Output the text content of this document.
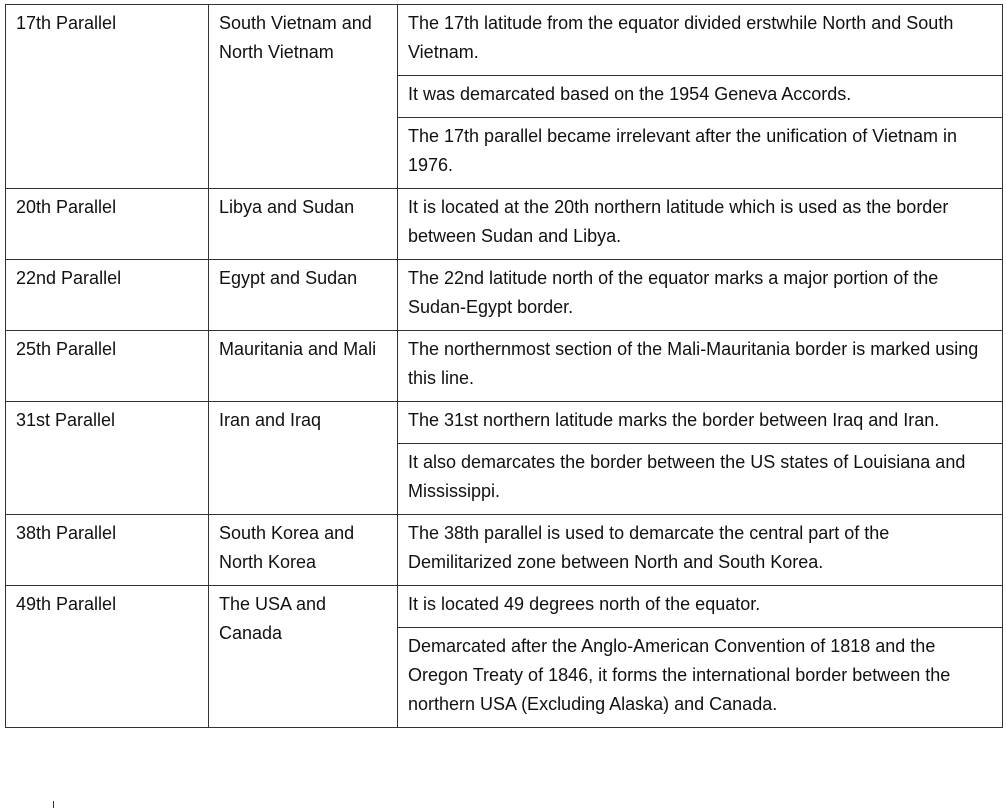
17th Parallel	South Vietnam and North Vietnam	The 17th latitude from the equator divided erstwhile North and South Vietnam.
		It was demarcated based on the 1954 Geneva Accords.
		The 17th parallel became irrelevant after the unification of Vietnam in 1976.
20th Parallel	Libya and Sudan	It is located at the 20th northern latitude which is used as the border between Sudan and Libya.
22nd Parallel	Egypt and Sudan	The 22nd latitude north of the equator marks a major portion of the Sudan-Egypt border.
25th Parallel	Mauritania and Mali	The northernmost section of the Mali-Mauritania border is marked using this line.
31st Parallel	Iran and Iraq	The 31st northern latitude marks the border between Iraq and Iran.
		It also demarcates the border between the US states of Louisiana and Mississippi.
38th Parallel	South Korea and North Korea	The 38th parallel is used to demarcate the central part of the Demilitarized zone between North and South Korea.
49th Parallel	The USA and Canada	It is located 49 degrees north of the equator.
		Demarcated after the Anglo-American Convention of 1818 and the Oregon Treaty of 1846, it forms the international border between the northern USA (Excluding Alaska) and Canada.
